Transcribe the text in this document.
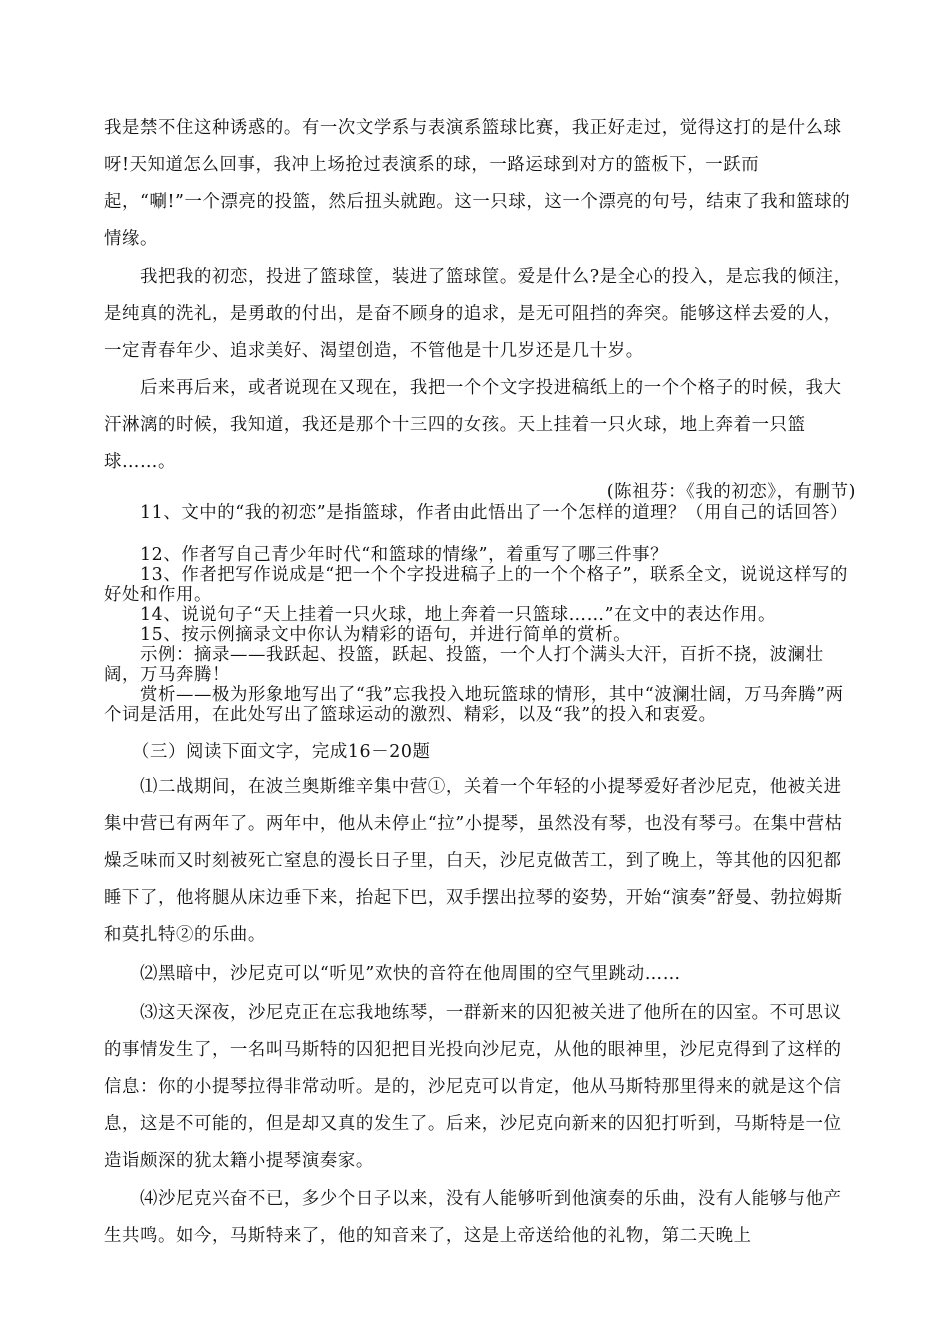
我是禁不住这种诱惑的。有一次文学系与表演系篮球比赛，我正好走过，觉得这打的是什么球呀!天知道怎么回事，我冲上场抢过表演系的球，一路运球到对方的篮板下，一跃而起，“唰!”一个漂亮的投篮，然后扭头就跑。这一只球，这一个漂亮的句号，结束了我和篮球的情缘。

我把我的初恋，投进了篮球筐，装进了篮球筐。爱是什么?是全心的投入，是忘我的倾注，是纯真的洗礼，是勇敢的付出，是奋不顾身的追求，是无可阻挡的奔突。能够这样去爱的人，一定青春年少、追求美好、渴望创造，不管他是十几岁还是几十岁。

后来再后来，或者说现在又现在，我把一个个文字投进稿纸上的一个个格子的时候，我大汗淋漓的时候，我知道，我还是那个十三四的女孩。天上挂着一只火球，地上奔着一只篮球……。

(陈祖芬：《我的初恋》，有删节)

11、文中的“我的初恋”是指篮球，作者由此悟出了一个怎样的道理？（用自己的话回答）

12、作者写自己青少年时代“和篮球的情缘”，着重写了哪三件事？

13、作者把写作说成是“把一个个字投进稿子上的一个个格子”，联系全文，说说这样写的好处和作用。

14、说说句子“天上挂着一只火球，地上奔着一只篮球……”在文中的表达作用。

15、按示例摘录文中你认为精彩的语句，并进行简单的赏析。

示例：摘录——我跃起、投篮，跃起、投篮，一个人打个满头大汗，百折不挠，波澜壮阔，万马奔腾！

赏析——极为形象地写出了“我”忘我投入地玩篮球的情形，其中“波澜壮阔，万马奔腾”两个词是活用，在此处写出了篮球运动的激烈、精彩，以及“我”的投入和衷爱。

（三）阅读下面文字，完成16－20题

⑴二战期间，在波兰奥斯维辛集中营①，关着一个年轻的小提琴爱好者沙尼克，他被关进集中营已有两年了。两年中，他从未停止“拉”小提琴，虽然没有琴，也没有琴弓。在集中营枯燥乏味而又时刻被死亡窒息的漫长日子里，白天，沙尼克做苦工，到了晚上，等其他的囚犯都睡下了，他将腿从床边垂下来，抬起下巴，双手摆出拉琴的姿势，开始“演奏”舒曼、勃拉姆斯和莫扎特②的乐曲。

⑵黑暗中，沙尼克可以“听见”欢快的音符在他周围的空气里跳动……

⑶这天深夜，沙尼克正在忘我地练琴，一群新来的囚犯被关进了他所在的囚室。不可思议的事情发生了，一名叫马斯特的囚犯把目光投向沙尼克，从他的眼神里，沙尼克得到了这样的信息：你的小提琴拉得非常动听。是的，沙尼克可以肯定，他从马斯特那里得来的就是这个信息，这是不可能的，但是却又真的发生了。后来，沙尼克向新来的囚犯打听到，马斯特是一位造诣颇深的犹太籍小提琴演奏家。

⑷沙尼克兴奋不已，多少个日子以来，没有人能够听到他演奏的乐曲，没有人能够与他产生共鸣。如今，马斯特来了，他的知音来了，这是上帝送给他的礼物，第二天晚上
